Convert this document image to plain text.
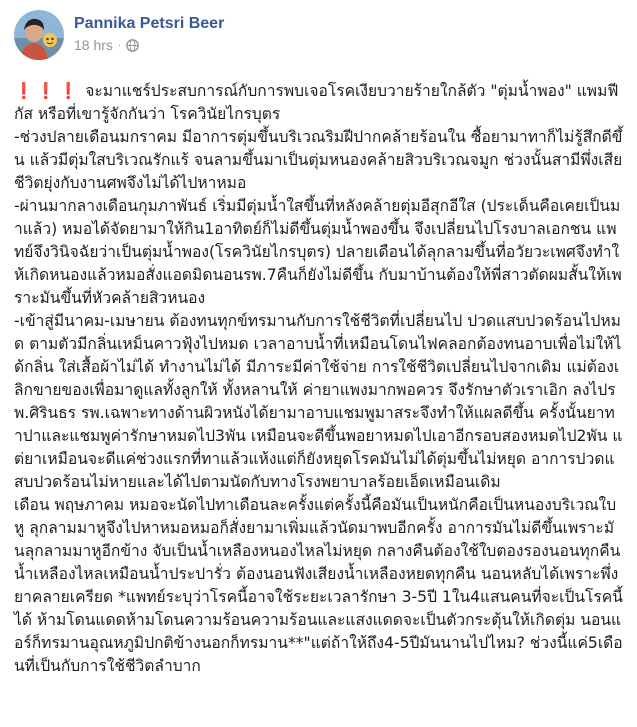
Pannika Petsri Beer
18 hrs ·

❗❗❗ จะมาแชร์ประสบการณ์กับการพบเจอโรคเงียบวายร้ายใกล้ตัว "ตุ่มน้ำพอง" แพมฟีกัส หรือที่เขารู้จักกันว่า โรควินัยไกรบุตร

-ช่วงปลายเดือนมกราคม มีอาการตุ่มขึ้นบริเวณริมฝีปากคล้ายร้อนใน ซื้อยามาทาก็ไม่รู้สึกดีขึ้น แล้วมีตุ่มใสบริเวณรักแร้ จนลามขึ้นมาเป็นตุ่มหนองคล้ายสิวบริเวณจมูก ช่วงนั้นสามีพึ่งเสียชีวิตยุ่งกับงานศพจึงไม่ได้ไปหาหมอ

-ผ่านมากลางเดือนกุมภาพันธ์ เริ่มมีตุ่มน้ำใสขึ้นที่หลังคล้ายตุ่มอีสุกอีใส (ประเด็นคือเคยเป็นมาแล้ว) หมอได้จัดยามาให้กิน1อาทิตย์ก็ไม่ดีขึ้นตุ่มน้ำพองขึ้น จึงเปลี่ยนไปโรงบาลเอกชน แพทย์จึงวินิจฉัยว่าเป็นตุ่มน้ำพอง(โรควินัยไกรบุตร) ปลายเดือนได้ลุกลามขึ้นที่อวัยวะเพศจึงทำให้เกิดหนองแล้วหมอสั่งแอดมิดนอนรพ.7คืนก็ยังไม่ดีขึ้น กับมาบ้านต้องให้พี่สาวตัดผมสั้นให้เพราะมันขึ้นที่หัวคล้ายสิวหนอง

-เข้าสู่มีนาคม-เมษายน ต้องทนทุกข์ทรมานกับการใช้ชีวิตที่เปลี่ยนไป ปวดแสบปวดร้อนไปหมด ตามตัวมีกลิ่นเหม็นคาวฟุ้งไปหมด เวลาอาบน้ำที่เหมือนโดนไฟคลอกต้องทนอาบเพื่อไม่ให้ได้กลิ่น ใส่เสื้อผ้าไม่ได้ ทำงานไม่ได้ มีภาระมีค่าใช้จ่าย การใช้ชีวิตเปลี่ยนไปจากเดิม แม่ต้องเลิกขายของเพื่อมาดูแลทั้งลูกให้ ทั้งหลานให้ ค่ายาแพงมากพอควร จึงรักษาตัวเราเอิก ลงไปรพ.ศิรินธร รพ.เฉพาะทางด้านผิวหนังได้ยามาอาบแชมพูมาสระจึงทำให้แผลดีขึ้น ครั้งนั้นยาทาปาและแชมพูค่ารักษาหมดไป3พัน เหมือนจะดีขึ้นพอยาหมดไปเอาอีกรอบสองหมดไป2พัน แต่ยาเหมือนจะดีแค่ช่วงแรกที่ทาแล้วแห้งแต่ก็ยังหยุดโรคมันไม่ได้ตุ่มขึ้นไม่หยุด อาการปวดแสบปวดร้อนไม่หายและได้ไปตามนัดกับทางโรงพยาบาลร้อยเอ็ดเหมือนเดิม

เดือน พฤษภาคม หมอจะนัดไปทาเดือนละครั้งแต่ครั้งนี้คือมันเป็นหนักคือเป็นหนองบริเวณใบหู ลุกลามมาหูจึงไปหาหมอหมอก็สั่งยามาเพิ่มแล้วนัดมาพบอีกครั้ง อาการมันไม่ดีขึ้นเพราะมันลุกลามมาหูอีกข้าง จับเป็นน้ำเหลืองหนองไหลไม่หยุด กลางคืนต้องใช้ใบตองรองนอนทุกคืนน้ำเหลืองไหลเหมือนน้ำประปารั่ว ต้องนอนฟังเสียงน้ำเหลืองหยดทุกคืน นอนหลับได้เพราะพึ่งยาคลายเครียด *แพทย์ระบุว่าโรคนี้อาจใช้ระยะเวลารักษา 3-5ปี 1ใน4แสนคนที่จะเป็นโรคนี้ได้ ห้ามโดนแดดห้ามโดนความร้อนความร้อนและแสงแดดจะเป็นตัวกระตุ้นให้เกิดตุ่ม นอนแอร์ก็ทรมานอุณหภูมิปกติข้างนอกก็ทรมาน**"แต่ถ้าให้ถึง4-5ปีมันนานไปไหม? ช่วงนี้แค่5เดือนที่เป็นกับการใช้ชีวิตลำบาก
